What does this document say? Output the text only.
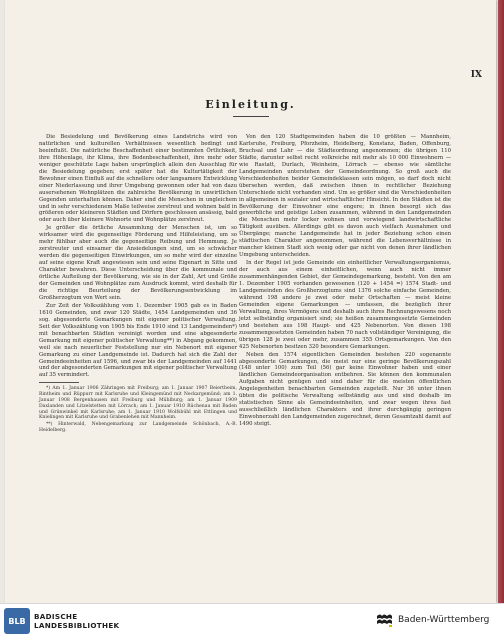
IX
Einleitung.

Die Besiedelung und Bevölkerung eines Landstrichs wird von natürlichen und kulturellen Verhältnissen wesentlich bedingt und beeinflußt. Die natürliche Beschaffenheit einer bestimmten Örtlichkeit, ihre Höhenlage, ihr Klima, ihre Bodenbeschaffenheit, ihre mehr oder weniger geschützte Lage haben ursprünglich allein den Ausschlag für die Besiedelung gegeben; erst später hat die Kulturtätigkeit der Bewohner einen Einfluß auf die schnellere oder langsamere Entwicklung einer Niederlassung und ihrer Umgebung gewonnen oder hat von dazu ausersehenen Wohnplätzen die zahlreiche Bevölkerung in unwirtlichen Gegenden unterhalten können. Daher sind die Menschen in ungleichem und in sehr verschiedenem Maße teilweise zerstreut und wohnen bald in größeren oder kleineren Städten und Dörfern geschlossen ansässig, bald oder auch über kleinere Wohnorte und Wohnplätze zerstreut.

Je größer die örtliche Ansammlung der Menschen ist, um so wirksamer wird die gegenseitige Förderung und Hilfeleistung, um so mehr fühlbar aber auch die gegenseitige Reibung und Hemmung. Je zerstreuter und einsamer die Ansiedelungen sind, um so schwächer werden die gegenseitigen Einwirkungen, um so mehr wird der einzelne auf seine eigene Kraft angewiesen sein und seine Eigenart in Sitte und Charakter bewahren. Diese Unterscheidung über die kommunale und örtliche Aufteilung der Bevölkerung, wie sie in der Zahl, Art und Größe der Gemeinden und Wohnplätze zum Ausdruck kommt, wird deshalb für die richtige Beurteilung der Bevölkerungsentwicklung im Großherzogtum von Wert sein.

Zur Zeit der Volkszählung vom 1. Dezember 1905 gab es in Baden 1610 Gemeinden, und zwar 120 Städte, 1454 Landgemeinden und 36 sog. abgesonderte Gemarkungen mit eigener politischer Verwaltung. Seit der Volkszählung von 1905 bis Ende 1910 sind 13 Landgemeinden*) mit benachbarten Städten vereinigt worden und eine abgesonderte Gemarkung mit eigener politischer Verwaltung**) in Abgang gekommen, weil sie nach neuerlicher Feststellung nur ein Nebenort mit eigener Gemarkung zu einer Landgemeinde ist. Dadurch hat sich die Zahl der Gemeindeeinheiten auf 1596, und zwar bis der Landgemeinden auf 1441 und der abgesonderten Gemarkungen mit eigener politischer Verwaltung auf 35 vermindert.

*) Am 1. Januar 1906 Zähringen mit Freiburg; am 1. Januar 1907 Beiertheim, Rintheim und Rüppurr mit Karlsruhe und Kleingemünd mit Neckargemünd; am 1. Januar 1908 Bergenhausen mit Freiburg und Mühlburg; am 1. Januar 1909 Daxlanden und Litzelstetten mit Lörrach; am 1. Januar 1910 Rüchenau mit Baden und Grünwinkel mit Karlsruhe; am 1. Januar 1910 Wolfsbühl mit Ettlingen und Knielingen mit Karlsruhe und Grabenlehen mit Mannheim.

**) Hinterwald, Nebengemarkung zur Landgemeinde Schönbach, A.-B. Heidelberg.

Von den 120 Stadtgemeinden haben die 10 größten — Mannheim, Karlsruhe, Freiburg, Pforzheim, Heidelberg, Konstanz, Baden, Offenburg, Bruchsal und Lahr — die Städteordnung angenommen; die übrigen 110 Städte, darunter selbst recht volkreiche mit mehr als 10 000 Einwohnern — wie Rastatt, Durlach, Weinheim, Lörrach — ebenso wie sämtliche Landgemeinden unterstehen der Gemeindeordnung. So groß auch die Verschiedenheiten beider Gemeindeklassen sein mögen, so darf doch nicht übersehen werden, daß zwischen ihnen in rechtlicher Beziehung Unterschiede nicht vorhanden sind. Um so größer sind die Verschiedenheiten in allgemeinen in sozialer und wirtschaftlicher Hinsicht. In den Städten ist die Bevölkerung der Einwohner eine engere; in ihnen besorgt sich das gewerbliche und geistige Leben zusammen, während in den Landgemeinden die Menschen mehr locker wohnen und vorwiegend landwirtschaftliche Tätigkeit ausüben. Allerdings gibt es davon auch vielfach Ausnahmen und Übergänge; manche Landgemeinde hat in jeder Beziehung schon einen städtischen Charakter angenommen, während die Lebensverhältnisse in mancher kleinen Stadt sich wenig oder gar nicht von denen ihrer ländlichen Umgebung unterscheiden.

In der Regel ist jede Gemeinde ein einheitlicher Verwaltungsorganismus, der auch aus einem einheitlichen, wenn auch nicht immer zusammenhängenden Gebiet, der Gemeindegemarkung, besteht. Von den am 1. Dezember 1905 vorhanden gewesenen (120 + 1454 =) 1574 Stadt- und Landgemeinden des Großherzogtums sind 1376 solche einfache Gemeinden, während 198 andere je zwei oder mehr Ortschaften — meist kleine Gemeinden eigene Gemarkungen — umfassen, die bezüglich ihrer Verwaltung, ihres Vermögens und deshalb auch ihres Rechnungswesens noch jetzt selbständig organisiert sind; sie heißen zusammengesetzte Gemeinden und bestehen aus 198 Haupt- und 425 Nebenorten. Von diesen 198 zusammengesetzten Gemeinden haben 70 nach vollständiger Vereinigung, die übrigen 128 je zwei oder mehr, zusammen 355 Ortsgemarkungen. Von den 425 Nebenorten besitzen 320 besondere Gemarkungen.

Neben den 1574 eigentlichen Gemeinden bestehen 220 sogenannte abgesonderte Gemarkungen, die meist nur eine geringe Bevölkerungszahl (148 unter 100) zum Teil (56) gar keine Einwohner haben und einer ländlichen Gemeindeorganisation entbehren. Sie können den kommunalen Aufgaben nicht genügen und sind daher für die meisten öffentlichen Angelegenheiten benachbarten Gemeinden zugeteilt. Nur 36 unter ihnen übten die politische Verwaltung selbständig aus und sind deshalb im statistischen Sinne als Gemeindeeinheiten, und zwar wegen ihres fast ausschließlich ländlichen Charakters und ihrer durchgängig geringen Einwohnerzahl den Landgemeinden zugerechnet, deren Gesamtzahl damit auf 1490 steigt.

BLB	BADISCHE
LANDESBIBLIOTHEK
Baden-Württemberg
